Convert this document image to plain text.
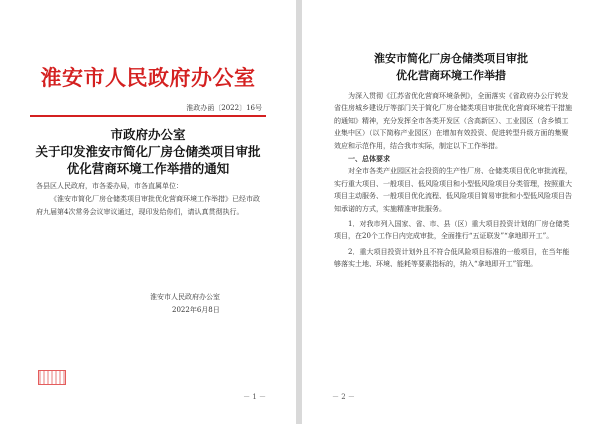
淮安市人民政府办公室
淮政办函〔2022〕16号
市政府办公室
关于印发淮安市简化厂房仓储类项目审批
优化营商环境工作举措的通知

各县区人民政府，市各委办局，市各直属单位：

《淮安市简化厂房仓储类项目审批优化营商环境工作举措》已经市政府九届第4次常务会议审议通过，现印发给你们，请认真贯彻执行。

淮安市人民政府办公室
2022年6月8日
－ 1 －
淮安市简化厂房仓储类项目审批
优化营商环境工作举措

为深入贯彻《江苏省优化营商环境条例》，全面落实《省政府办公厅转发省住房城乡建设厅等部门关于简化厂房仓储类项目审批优化营商环境若干措施的通知》精神，充分发挥全市各类开发区（含高新区）、工业园区（含乡镇工业集中区）（以下简称产业园区）在增加有效投资、促进转型升级方面的集聚效应和示范作用，结合我市实际，制定以下工作举措。

一、总体要求

对全市各类产业园区社会投资的生产性厂房、仓储类项目优化审批流程，实行重大项目、一般项目、低风险项目和小型低风险项目分类管理，按照重大项目主动服务、一般项目优化流程、低风险项目简易审批和小型低风险项目告知承诺的方式，实施精准审批服务。

1．对我市列入国家、省、市、县（区）重大项目投资计划的厂房仓储类项目，在20个工作日内完成审批，全面推行“五证联发”“拿地即开工”。

2．重大项目投资计划外且不符合低风险项目标准的一般项目，在当年能够落实土地、环境、能耗等要素指标的，纳入“拿地即开工”管理。

－ 2 －
